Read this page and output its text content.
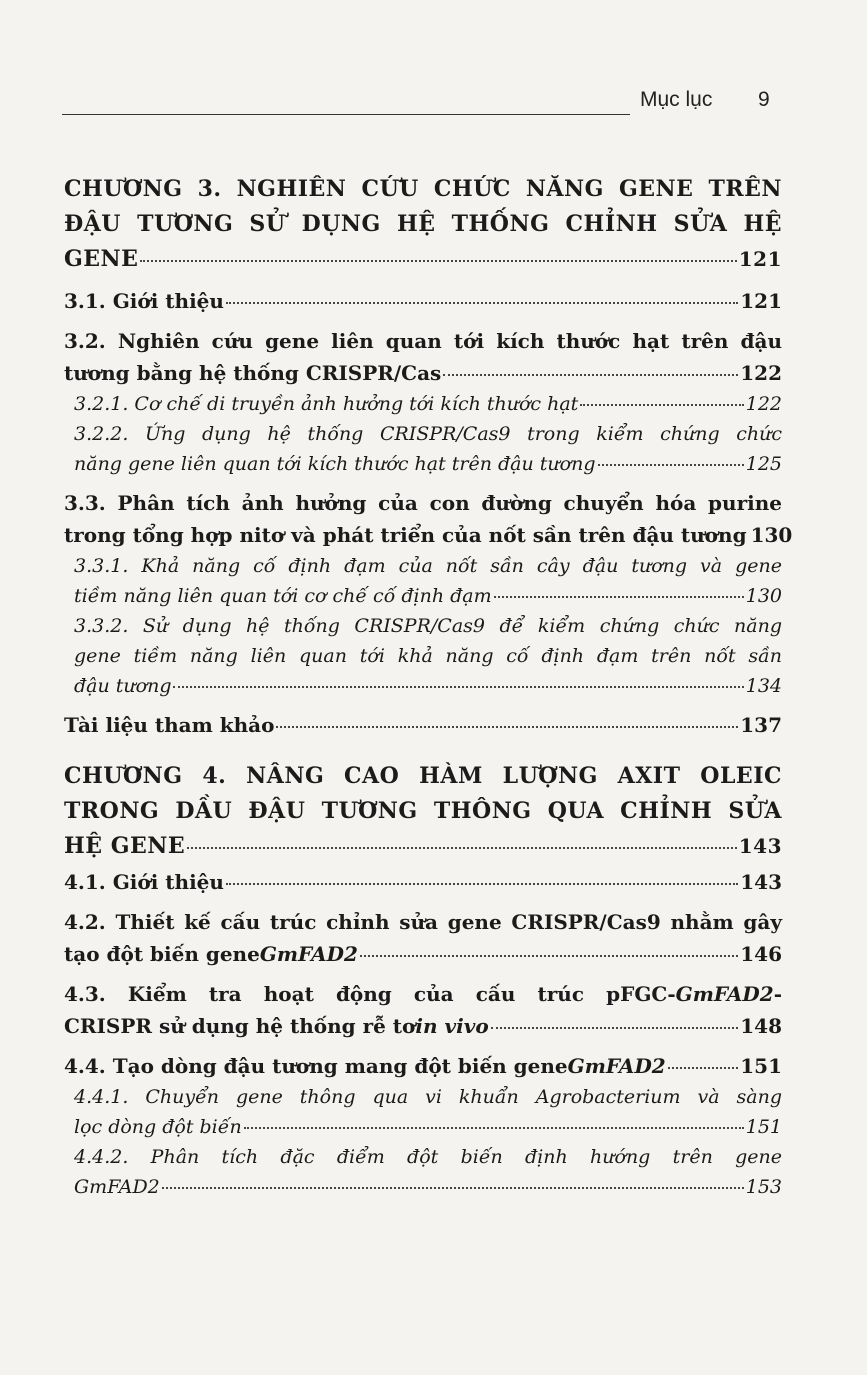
Mục lục 9
CHƯƠNG 3. NGHIÊN CỨU CHỨC NĂNG GENE TRÊN
ĐẬU TƯƠNG SỬ DỤNG HỆ THỐNG CHỈNH SỬA HỆ
GENE	121
3.1. Giới thiệu	121
3.2. Nghiên cứu gene liên quan tới kích thước hạt trên đậu
tương bằng hệ thống CRISPR/Cas	122
3.2.1. Cơ chế di truyền ảnh hưởng tới kích thước hạt	122
3.2.2. Ứng dụng hệ thống CRISPR/Cas9 trong kiểm chứng chức
năng gene liên quan tới kích thước hạt trên đậu tương	125
3.3. Phân tích ảnh hưởng của con đường chuyển hóa purine
trong tổng hợp nitơ và phát triển của nốt sần trên đậu tương 130
3.3.1. Khả năng cố định đạm của nốt sần cây đậu tương và gene
tiềm năng liên quan tới cơ chế cố định đạm	130
3.3.2. Sử dụng hệ thống CRISPR/Cas9 để kiểm chứng chức năng
gene tiềm năng liên quan tới khả năng cố định đạm trên nốt sần
đậu tương	134
Tài liệu tham khảo	137
CHƯƠNG 4. NÂNG CAO HÀM LƯỢNG AXIT OLEIC
TRONG DẦU ĐẬU TƯƠNG THÔNG QUA CHỈNH SỬA
HỆ GENE	143
4.1. Giới thiệu	143
4.2. Thiết kế cấu trúc chỉnh sửa gene CRISPR/Cas9 nhằm gây
tạo đột biến gene GmFAD2	146
4.3. Kiểm tra hoạt động của cấu trúc pFGC-GmFAD2-
CRISPR sử dụng hệ thống rễ tơ in vivo	148
4.4. Tạo dòng đậu tương mang đột biến gene GmFAD2	151
4.4.1. Chuyển gene thông qua vi khuẩn Agrobacterium và sàng
lọc dòng đột biến	151
4.4.2. Phân tích đặc điểm đột biến định hướng trên gene
GmFAD2	153
